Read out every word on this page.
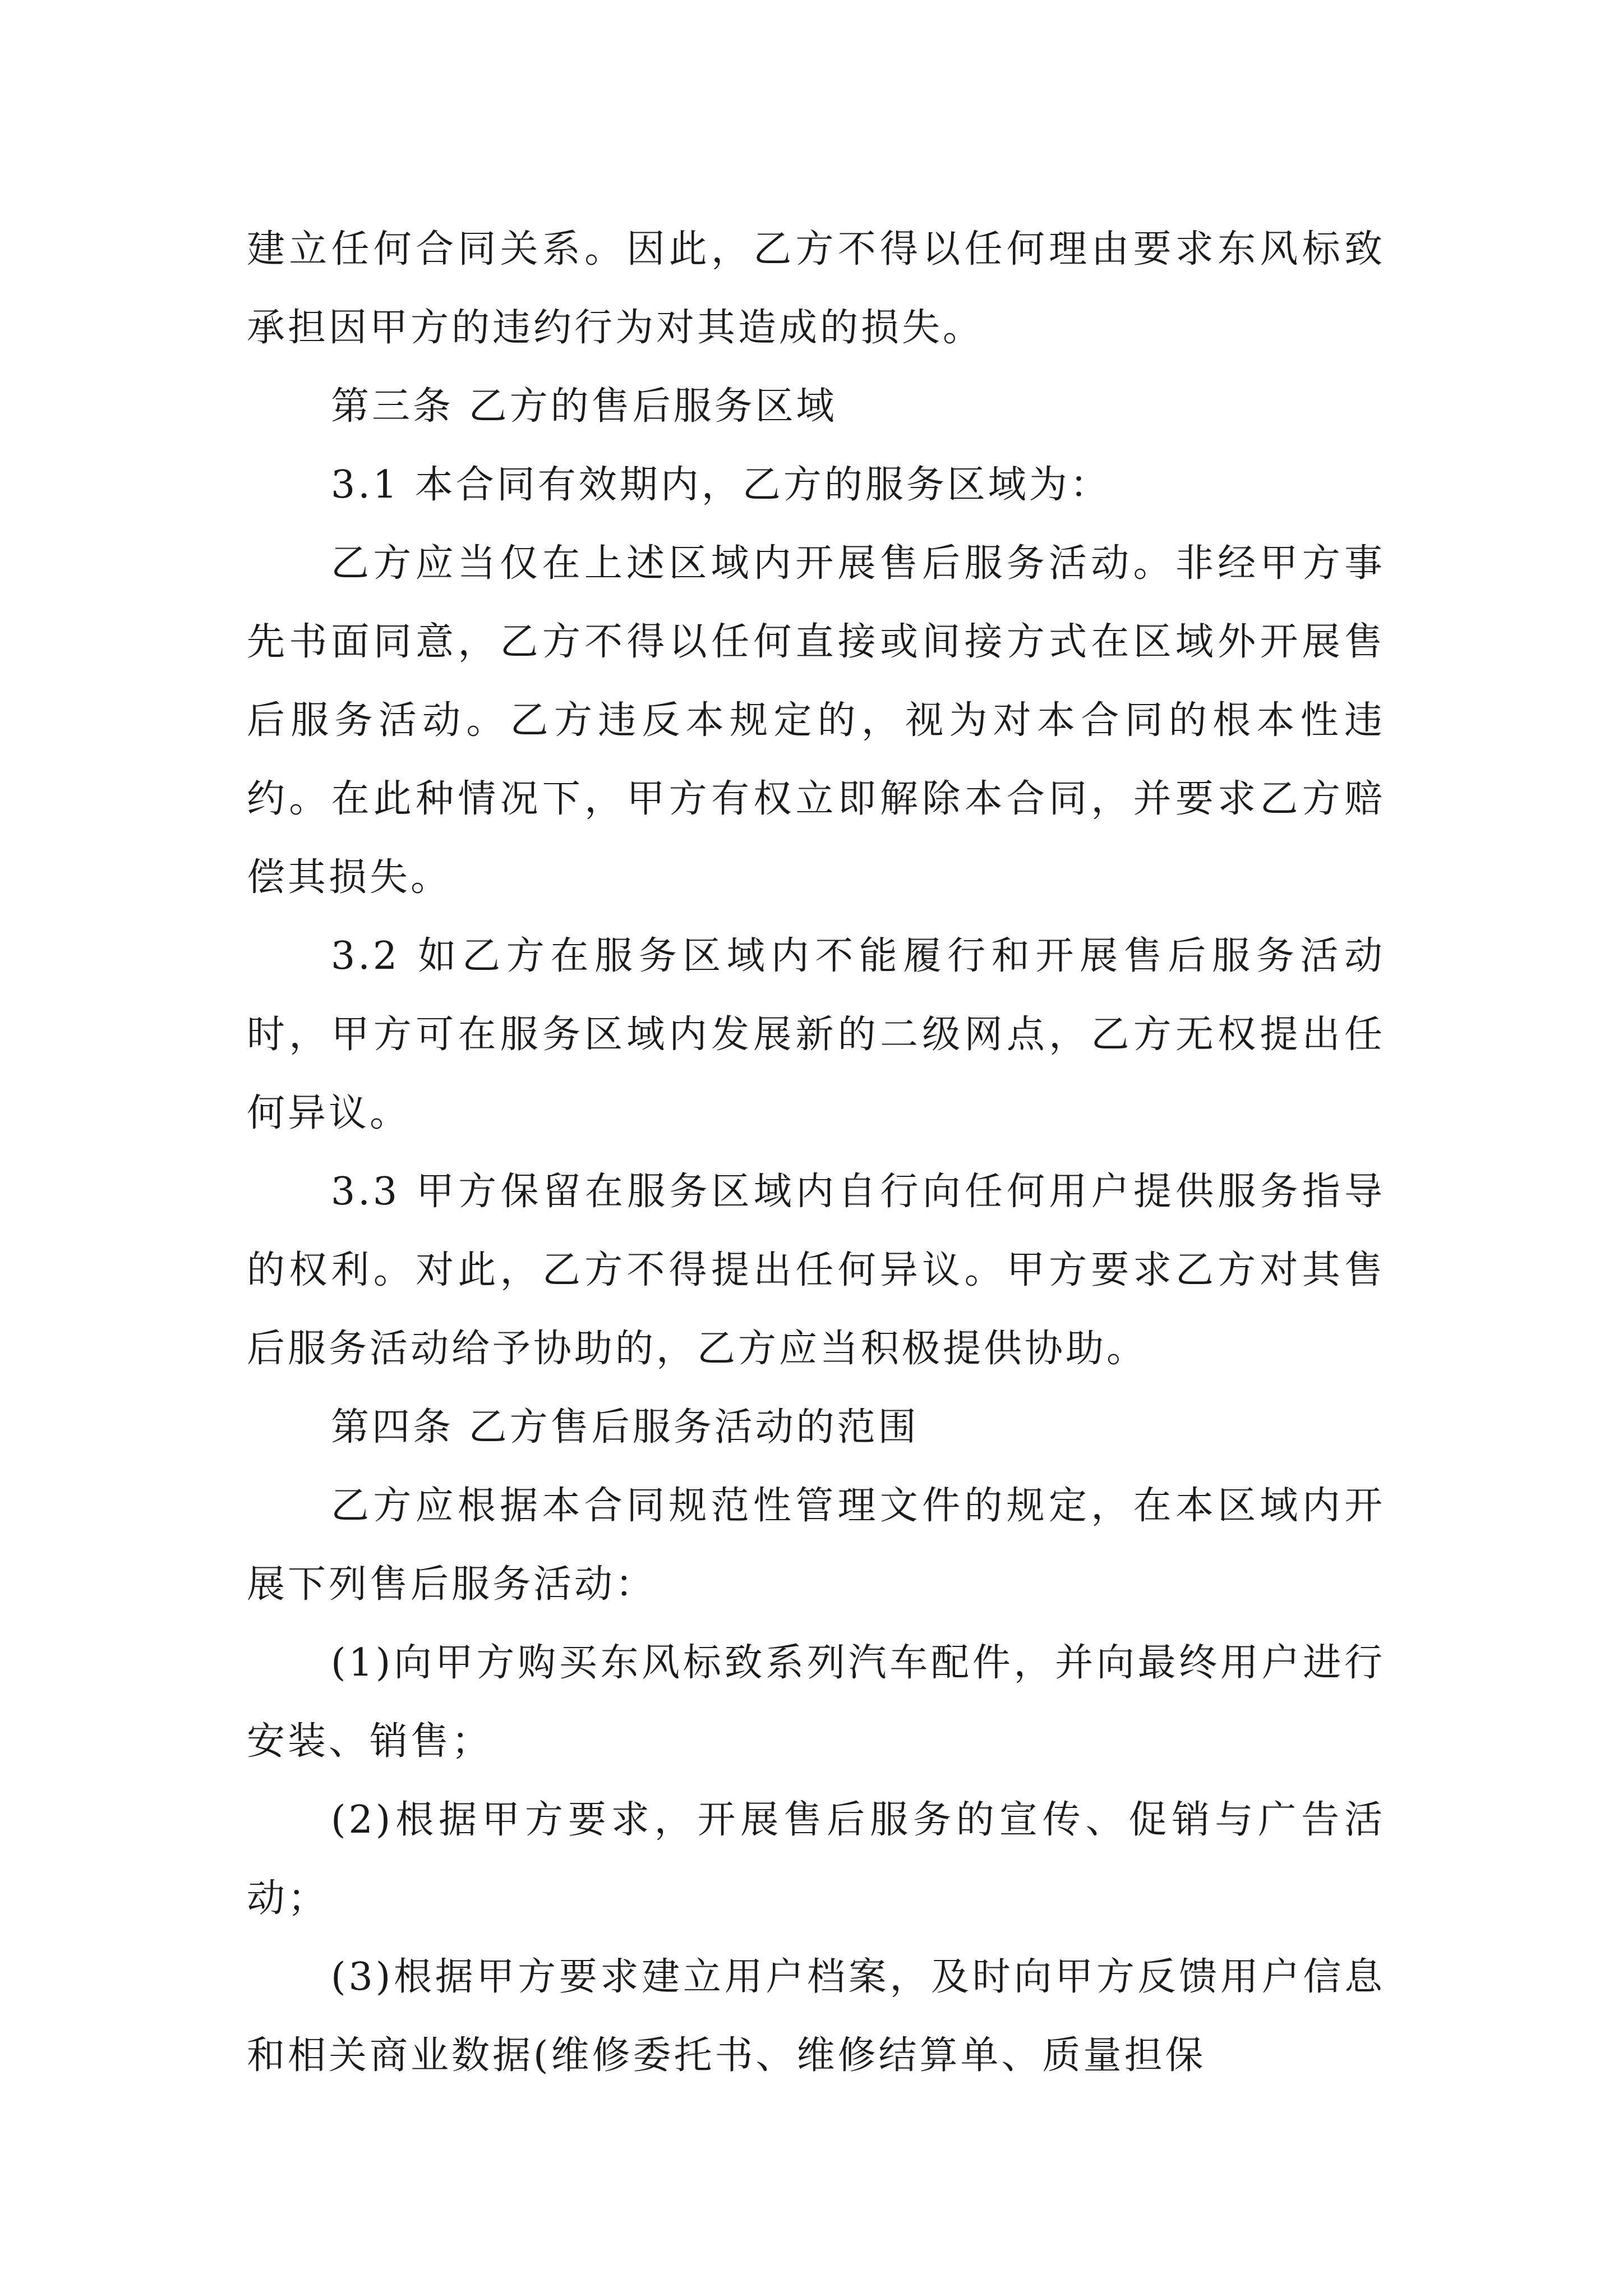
建立任何合同关系。因此，乙方不得以任何理由要求东风标致承担因甲方的违约行为对其造成的损失。

第三条 乙方的售后服务区域

3.1 本合同有效期内，乙方的服务区域为：

乙方应当仅在上述区域内开展售后服务活动。非经甲方事先书面同意，乙方不得以任何直接或间接方式在区域外开展售后服务活动。乙方违反本规定的，视为对本合同的根本性违约。在此种情况下，甲方有权立即解除本合同，并要求乙方赔偿其损失。

3.2 如乙方在服务区域内不能履行和开展售后服务活动时，甲方可在服务区域内发展新的二级网点，乙方无权提出任何异议。

3.3 甲方保留在服务区域内自行向任何用户提供服务指导的权利。对此，乙方不得提出任何异议。甲方要求乙方对其售后服务活动给予协助的，乙方应当积极提供协助。

第四条 乙方售后服务活动的范围

乙方应根据本合同规范性管理文件的规定，在本区域内开展下列售后服务活动：

(1)向甲方购买东风标致系列汽车配件，并向最终用户进行安装、销售；

(2)根据甲方要求，开展售后服务的宣传、促销与广告活动；

(3)根据甲方要求建立用户档案，及时向甲方反馈用户信息和相关商业数据(维修委托书、维修结算单、质量担保
